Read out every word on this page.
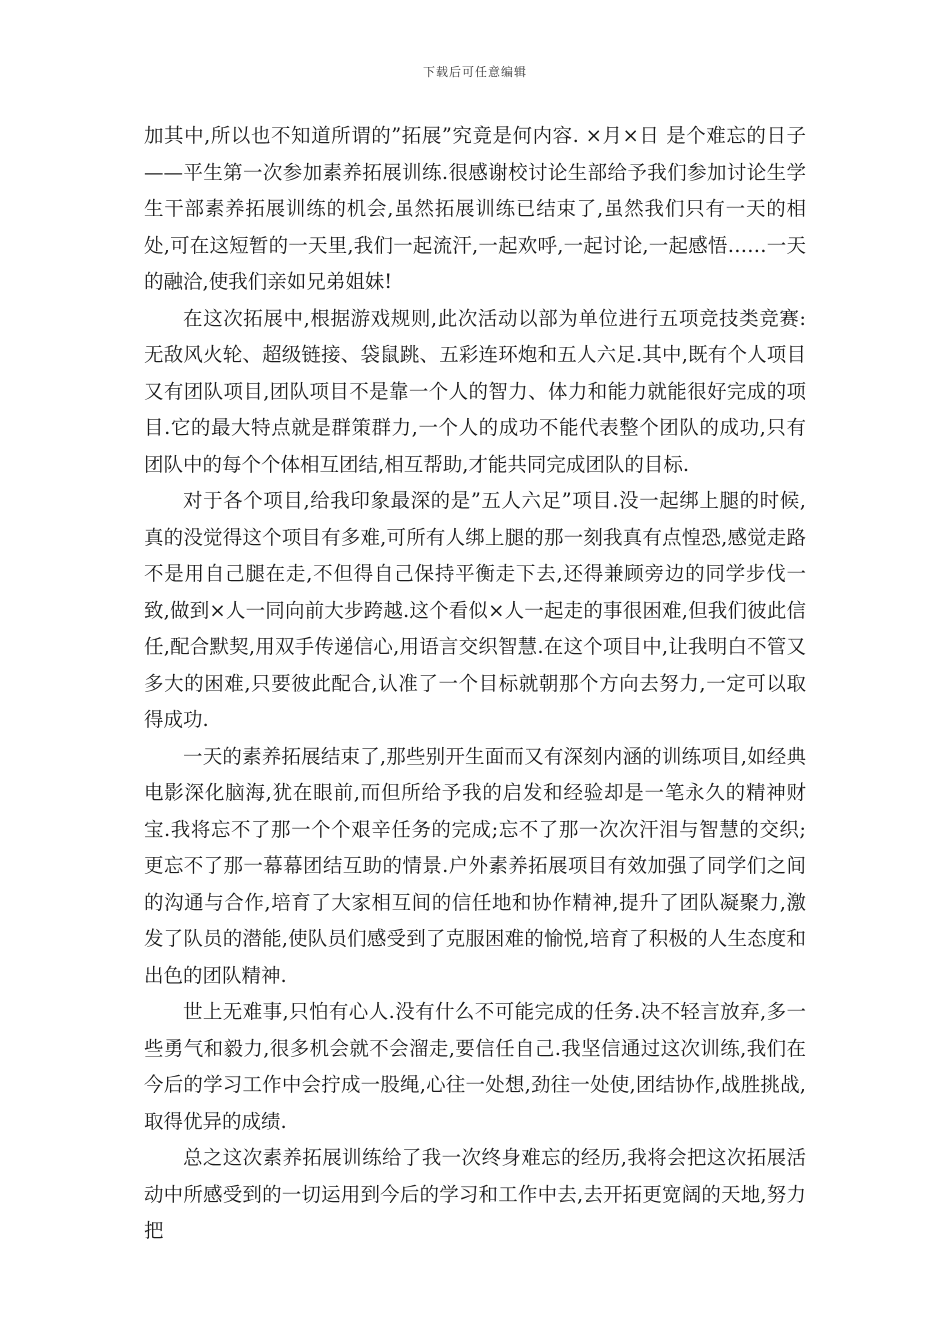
下载后可任意编辑

加其中,所以也不知道所谓的”拓展”究竟是何内容. ×月×日 是个难忘的日子——平生第一次参加素养拓展训练.很感谢校讨论生部给予我们参加讨论生学生干部素养拓展训练的机会,虽然拓展训练已结束了,虽然我们只有一天的相处,可在这短暂的一天里,我们一起流汗,一起欢呼,一起讨论,一起感悟……一天的融洽,使我们亲如兄弟姐妹!

在这次拓展中,根据游戏规则,此次活动以部为单位进行五项竞技类竞赛:无敌风火轮、超级链接、袋鼠跳、五彩连环炮和五人六足.其中,既有个人项目又有团队项目,团队项目不是靠一个人的智力、体力和能力就能很好完成的项目.它的最大特点就是群策群力,一个人的成功不能代表整个团队的成功,只有团队中的每个个体相互团结,相互帮助,才能共同完成团队的目标.

对于各个项目,给我印象最深的是”五人六足”项目.没一起绑上腿的时候,真的没觉得这个项目有多难,可所有人绑上腿的那一刻我真有点惶恐,感觉走路不是用自己腿在走,不但得自己保持平衡走下去,还得兼顾旁边的同学步伐一致,做到×人一同向前大步跨越.这个看似×人一起走的事很困难,但我们彼此信任,配合默契,用双手传递信心,用语言交织智慧.在这个项目中,让我明白不管又多大的困难,只要彼此配合,认准了一个目标就朝那个方向去努力,一定可以取得成功.

一天的素养拓展结束了,那些别开生面而又有深刻内涵的训练项目,如经典电影深化脑海,犹在眼前,而但所给予我的启发和经验却是一笔永久的精神财宝.我将忘不了那一个个艰辛任务的完成;忘不了那一次次汗泪与智慧的交织;更忘不了那一幕幕团结互助的情景.户外素养拓展项目有效加强了同学们之间的沟通与合作,培育了大家相互间的信任地和协作精神,提升了团队凝聚力,激发了队员的潜能,使队员们感受到了克服困难的愉悦,培育了积极的人生态度和出色的团队精神.

世上无难事,只怕有心人.没有什么不可能完成的任务.决不轻言放弃,多一些勇气和毅力,很多机会就不会溜走,要信任自己.我坚信通过这次训练,我们在今后的学习工作中会拧成一股绳,心往一处想,劲往一处使,团结协作,战胜挑战,取得优异的成绩.

总之这次素养拓展训练给了我一次终身难忘的经历,我将会把这次拓展活动中所感受到的一切运用到今后的学习和工作中去,去开拓更宽阔的天地,努力把
